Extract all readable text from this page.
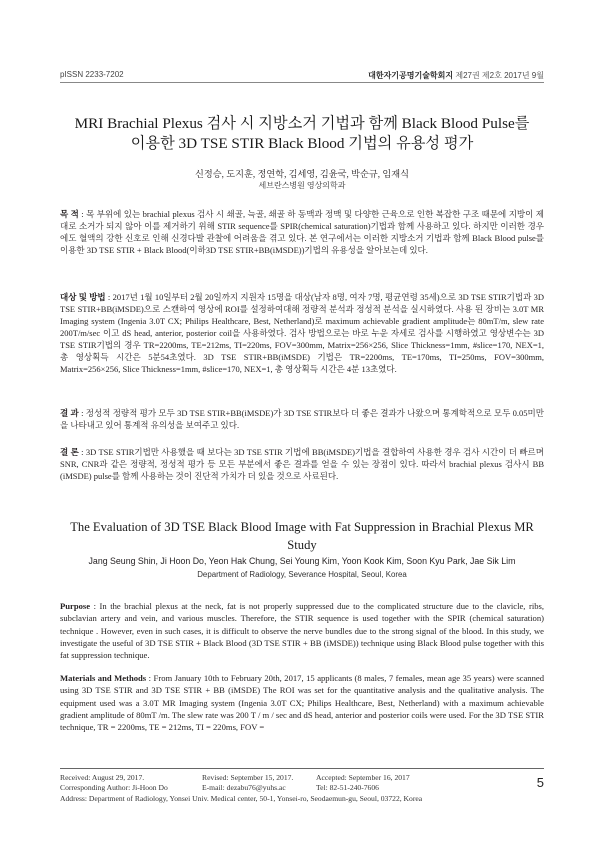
pISSN 2233-7202	대한자기공명기술학회지 제27권 제2호 2017년 9월
MRI Brachial Plexus 검사 시 지방소거 기법과 함께 Black Blood Pulse를
이용한 3D TSE STIR Black Blood 기법의 유용성 평가
신정승, 도지훈, 정연학, 김세영, 김윤국, 박순규, 임재식
세브란스병원 영상의학과
목 적 : 목 부위에 있는 brachial plexus 검사 시 쇄골, 늑골, 쇄골 하 동맥과 정맥 및 다양한 근육으로 인한 복잡한 구조 때문에 지방이 제대로 소거가 되지 않아 이를 제거하기 위해 STIR sequence를 SPIR(chemical saturation)기법과 함께 사용하고 있다. 하지만 이러한 경우에도 혈액의 강한 신호로 인해 신경다발 관찰에 어려움을 겪고 있다. 본 연구에서는 이러한 지방소거 기법과 함께 Black Blood pulse를 이용한 3D TSE STIR + Black Blood(이하3D TSE STIR+BB(iMSDE))기법의 유용성을 알아보는데 있다.
대상 및 방법 : 2017년 1월 10일부터 2월 20일까지 지원자 15명을 대상(남자 8명, 여자 7명, 평균연령 35세)으로 3D TSE STIR기법과 3D TSE STIR+BB(iMSDE)으로 스캔하여 영상에 ROI를 설정하여대해 정량적 분석과 정성적 분석을 실시하였다. 사용 된 장비는 3.0T MR Imaging system (Ingenia 3.0T CX; Philips Healthcare, Best, Netherland)로 maximum achievable gradient amplitude는 80mT/m, slew rate 200T/m/sec 이고 dS head, anterior, posterior coil을 사용하였다. 검사 방법으로는 바로 누운 자세로 검사를 시행하였고 영상변수는 3D TSE STIR기법의 경우 TR=2200ms, TE=212ms, TI=220ms, FOV=300mm, Matrix=256×256, Slice Thickness=1mm, #slice=170, NEX=1, 총 영상획득 시간은 5분54초였다. 3D TSE STIR+BB(iMSDE) 기법은 TR=2200ms, TE=170ms, TI=250ms, FOV=300mm, Matrix=256×256, Slice Thickness=1mm, #slice=170, NEX=1, 총 영상획득 시간은 4분 13초였다.
결 과 : 정성적 정량적 평가 모두 3D TSE STIR+BB(iMSDE)가 3D TSE STIR보다 더 좋은 결과가 나왔으며 통계학적으로 모두 0.05미만을 나타내고 있어 통계적 유의성을 보여주고 있다.
결 론 : 3D TSE STIR기법만 사용했을 때 보다는 3D TSE STIR 기법에 BB(iMSDE)기법을 결합하여 사용한 경우 검사 시간이 더 빠르며 SNR, CNR과 같은 정량적, 정성적 평가 등 모든 부분에서 좋은 결과를 얻을 수 있는 장점이 있다. 따라서 brachial plexus 검사시 BB (iMSDE) pulse를 함께 사용하는 것이 진단적 가치가 더 있을 것으로 사료된다.
The Evaluation of 3D TSE Black Blood Image with Fat Suppression in Brachial Plexus MR
Study
Jang Seung Shin, Ji Hoon Do, Yeon Hak Chung, Sei Young Kim, Yoon Kook Kim, Soon Kyu Park, Jae Sik Lim
Department of Radiology, Severance Hospital, Seoul, Korea
Purpose : In the brachial plexus at the neck, fat is not properly suppressed due to the complicated structure due to the clavicle, ribs, subclavian artery and vein, and various muscles. Therefore, the STIR sequence is used together with the SPIR (chemical saturation) technique . However, even in such cases, it is difficult to observe the nerve bundles due to the strong signal of the blood. In this study, we investigate the useful of 3D TSE STIR + Black Blood (3D TSE STIR + BB (iMSDE)) technique using Black Blood pulse together with this fat suppression technique.
Materials and Methods : From January 10th to February 20th, 2017, 15 applicants (8 males, 7 females, mean age 35 years) were scanned using 3D TSE STIR and 3D TSE STIR + BB (iMSDE) The ROI was set for the quantitative analysis and the qualitative analysis. The equipment used was a 3.0T MR Imaging system (Ingenia 3.0T CX; Philips Healthcare, Best, Netherland) with a maximum achievable gradient amplitude of 80mT /m. The slew rate was 200 T / m / sec and dS head, anterior and posterior coils were used. For the 3D TSE STIR technique, TR = 2200ms, TE = 212ms, TI = 220ms, FOV =
Received: August 29, 2017.	Revised: September 15, 2017.	Accepted: September 16, 2017
Corresponding Author: Ji-Hoon Do	E-mail: dezabu76@yuhs.ac	Tel: 82-51-240-7606
Address: Department of Radiology, Yonsei Univ. Medical center, 50-1, Yonsei-ro, Seodaemun-gu, Seoul, 03722, Korea
5
